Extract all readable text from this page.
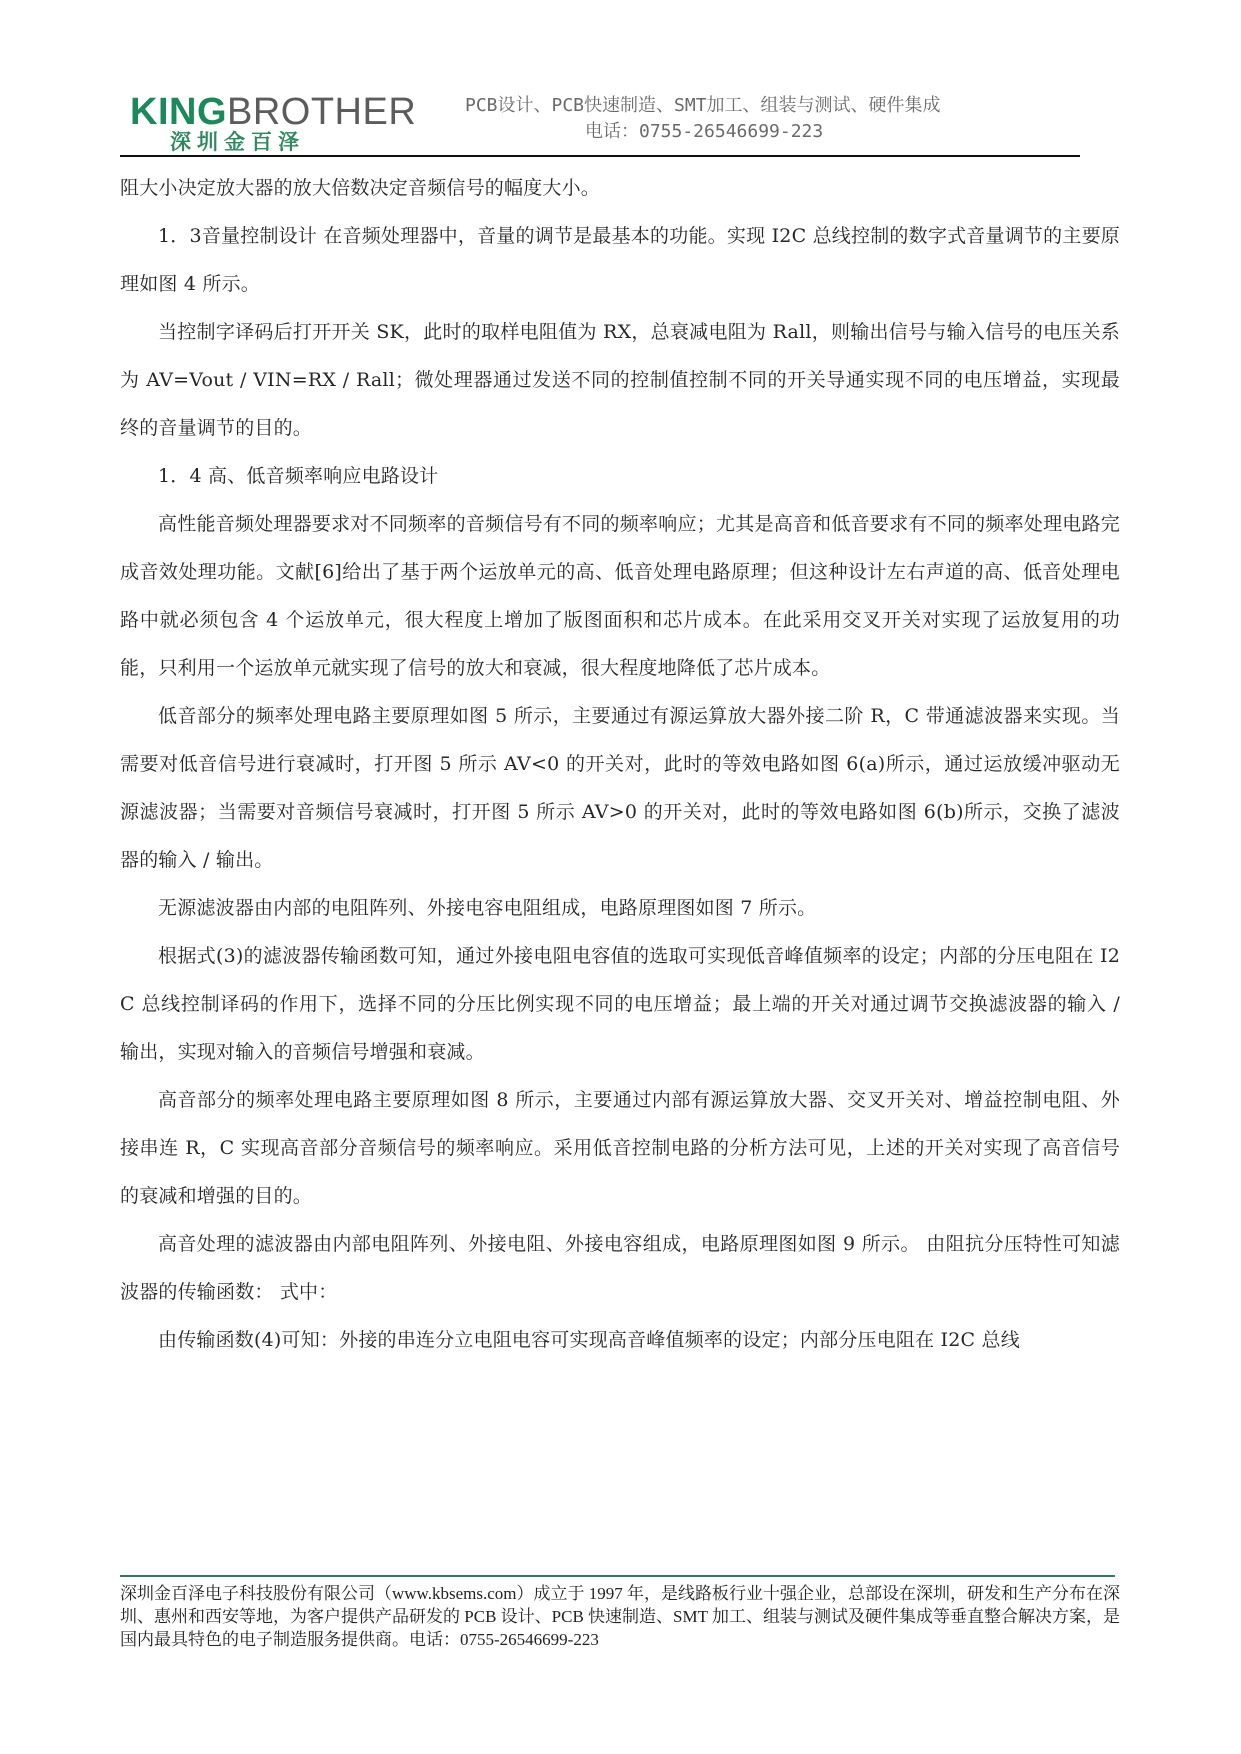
KINGBROTHER
深圳金百泽
PCB设计、PCB快速制造、SMT加工、组装与测试、硬件集成
电话：0755-26546699-223

阻大小决定放大器的放大倍数决定音频信号的幅度大小。

1．3音量控制设计 在音频处理器中，音量的调节是最基本的功能。实现 I2C 总线控制的数字式音量调节的主要原理如图 4 所示。

当控制字译码后打开开关 SK，此时的取样电阻值为 RX，总衰减电阻为 Rall，则输出信号与输入信号的电压关系为 AV=Vout / VIN=RX / Rall；微处理器通过发送不同的控制值控制不同的开关导通实现不同的电压增益，实现最终的音量调节的目的。

1．4 高、低音频率响应电路设计

高性能音频处理器要求对不同频率的音频信号有不同的频率响应；尤其是高音和低音要求有不同的频率处理电路完成音效处理功能。文献[6]给出了基于两个运放单元的高、低音处理电路原理；但这种设计左右声道的高、低音处理电路中就必须包含 4 个运放单元，很大程度上增加了版图面积和芯片成本。在此采用交叉开关对实现了运放复用的功能，只利用一个运放单元就实现了信号的放大和衰减，很大程度地降低了芯片成本。

低音部分的频率处理电路主要原理如图 5 所示，主要通过有源运算放大器外接二阶 R，C 带通滤波器来实现。当需要对低音信号进行衰减时，打开图 5 所示 AV<0 的开关对，此时的等效电路如图 6(a)所示，通过运放缓冲驱动无源滤波器；当需要对音频信号衰减时，打开图 5 所示 AV>0 的开关对，此时的等效电路如图 6(b)所示，交换了滤波器的输入 / 输出。

无源滤波器由内部的电阻阵列、外接电容电阻组成，电路原理图如图 7 所示。

根据式(3)的滤波器传输函数可知，通过外接电阻电容值的选取可实现低音峰值频率的设定；内部的分压电阻在 I2C 总线控制译码的作用下，选择不同的分压比例实现不同的电压增益；最上端的开关对通过调节交换滤波器的输入 / 输出，实现对输入的音频信号增强和衰减。

高音部分的频率处理电路主要原理如图 8 所示，主要通过内部有源运算放大器、交叉开关对、增益控制电阻、外接串连 R，C 实现高音部分音频信号的频率响应。采用低音控制电路的分析方法可见，上述的开关对实现了高音信号的衰减和增强的目的。

高音处理的滤波器由内部电阻阵列、外接电阻、外接电容组成，电路原理图如图 9 所示。 由阻抗分压特性可知滤波器的传输函数： 式中：

由传输函数(4)可知：外接的串连分立电阻电容可实现高音峰值频率的设定；内部分压电阻在 I2C 总线

深圳金百泽电子科技股份有限公司（www.kbsems.com）成立于 1997 年，是线路板行业十强企业，总部设在深圳，研发和生产分布在深圳、惠州和西安等地，为客户提供产品研发的 PCB 设计、PCB 快速制造、SMT 加工、组装与测试及硬件集成等垂直整合解决方案，是国内最具特色的电子制造服务提供商。电话：0755-26546699-223
